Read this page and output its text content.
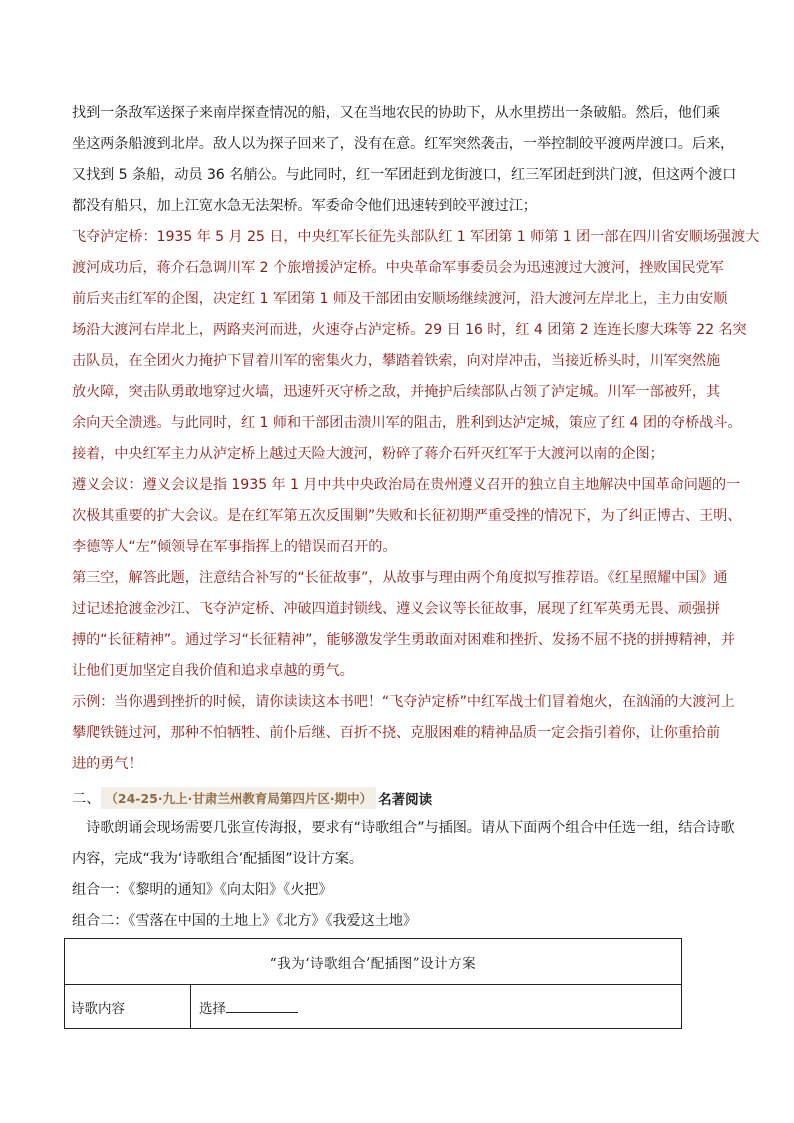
找到一条敌军送探子来南岸探查情况的船，又在当地农民的协助下，从水里捞出一条破船。然后，他们乘
坐这两条船渡到北岸。敌人以为探子回来了，没有在意。红军突然袭击，一举控制皎平渡两岸渡口。后来，
又找到 5 条船，动员 36 名艄公。与此同时，红一军团赶到龙街渡口，红三军团赶到洪门渡，但这两个渡口
都没有船只，加上江宽水急无法架桥。军委命令他们迅速转到皎平渡过江；
飞夺泸定桥：1935 年 5 月 25 日，中央红军长征先头部队红 1 军团第 1 师第 1 团一部在四川省安顺场强渡大
渡河成功后，蒋介石急调川军 2 个旅增援泸定桥。中央革命军事委员会为迅速渡过大渡河，挫败国民党军
前后夹击红军的企图，决定红 1 军团第 1 师及干部团由安顺场继续渡河，沿大渡河左岸北上，主力由安顺
场沿大渡河右岸北上，两路夹河而进，火速夺占泸定桥。29 日 16 时，红 4 团第 2 连连长廖大珠等 22 名突
击队员，在全团火力掩护下冒着川军的密集火力，攀踏着铁索，向对岸冲击，当接近桥头时，川军突然施
放火障，突击队勇敢地穿过火墙，迅速歼灭守桥之敌，并掩护后续部队占领了泸定城。川军一部被歼，其
余向天全溃逃。与此同时，红 1 师和干部团击溃川军的阻击，胜利到达泸定城，策应了红 4 团的夺桥战斗。
接着，中央红军主力从泸定桥上越过天险大渡河，粉碎了蒋介石歼灭红军于大渡河以南的企图；
遵义会议：遵义会议是指 1935 年 1 月中共中央政治局在贵州遵义召开的独立自主地解决中国革命问题的一
次极其重要的扩大会议。是在红军第五次反围剿”失败和长征初期严重受挫的情况下，为了纠正博古、王明、
李德等人“左”倾领导在军事指挥上的错误而召开的。
第三空，解答此题，注意结合补写的“长征故事”，从故事与理由两个角度拟写推荐语。《红星照耀中国》通
过记述抢渡金沙江、飞夺泸定桥、冲破四道封锁线、遵义会议等长征故事，展现了红军英勇无畏、顽强拼
搏的“长征精神”。通过学习“长征精神”，能够激发学生勇敢面对困难和挫折、发扬不屈不挠的拼搏精神，并
让他们更加坚定自我价值和追求卓越的勇气。
示例：当你遇到挫折的时候，请你读读这本书吧！“飞夺泸定桥”中红军战士们冒着炮火，在汹涌的大渡河上
攀爬铁链过河，那种不怕牺牲、前仆后继、百折不挠、克服困难的精神品质一定会指引着你，让你重拾前
进的勇气！
二、 （24-25·九上·甘肃兰州教育局第四片区·期中） 名著阅读
诗歌朗诵会现场需要几张宣传海报，要求有“诗歌组合”与插图。请从下面两个组合中任选一组，结合诗歌
内容，完成“我为‘诗歌组合’配插图”设计方案。
组合一：《黎明的通知》《向太阳》《火把》
组合二：《雪落在中国的土地上》《北方》《我爱这土地》
“我为‘诗歌组合’配插图”设计方案
诗歌内容	选择
